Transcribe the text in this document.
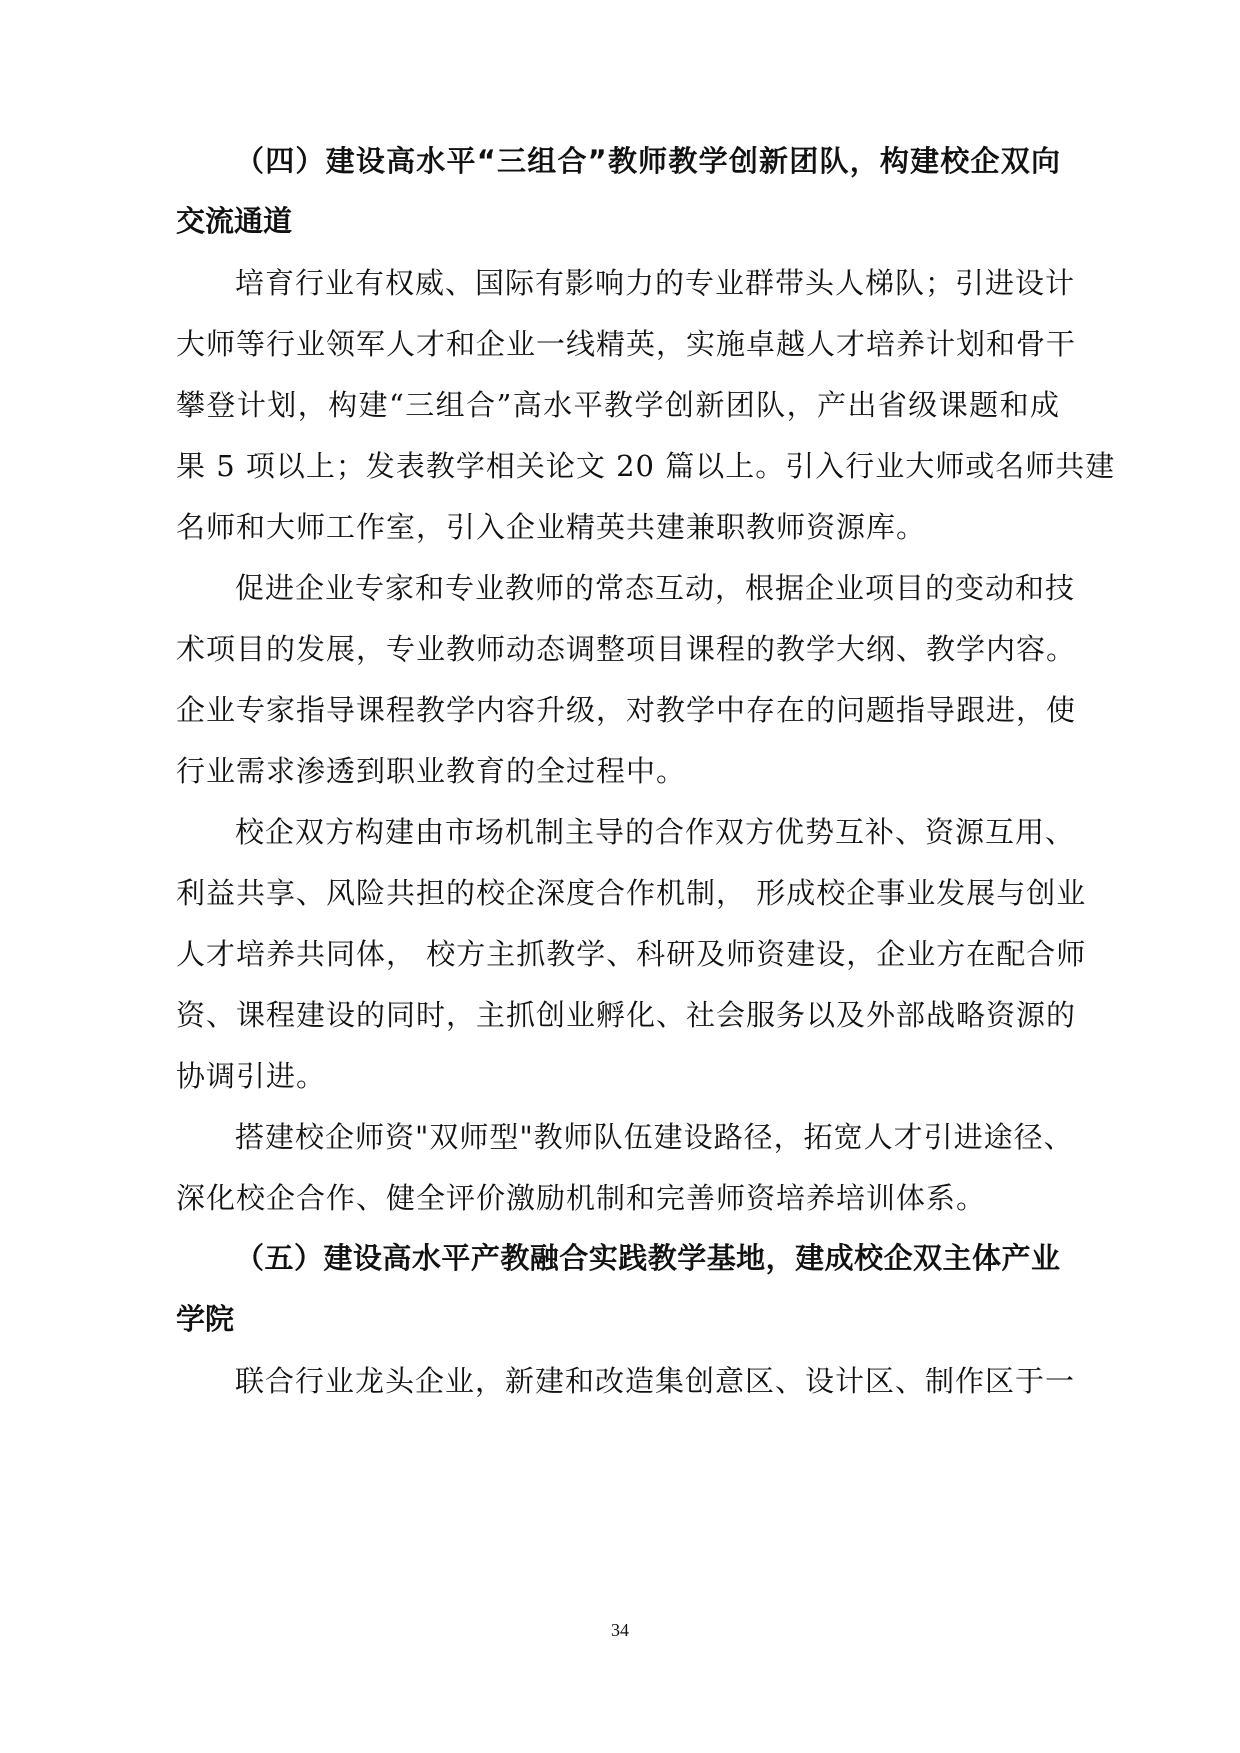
（四）建设高水平“三组合”教师教学创新团队，构建校企双向
交流通道
培育行业有权威、国际有影响力的专业群带头人梯队；引进设计
大师等行业领军人才和企业一线精英，实施卓越人才培养计划和骨干
攀登计划，构建“三组合”高水平教学创新团队，产出省级课题和成
果 5 项以上；发表教学相关论文 20 篇以上。引入行业大师或名师共建
名师和大师工作室，引入企业精英共建兼职教师资源库。
促进企业专家和专业教师的常态互动，根据企业项目的变动和技
术项目的发展，专业教师动态调整项目课程的教学大纲、教学内容。
企业专家指导课程教学内容升级，对教学中存在的问题指导跟进，使
行业需求渗透到职业教育的全过程中。
校企双方构建由市场机制主导的合作双方优势互补、资源互用、
利益共享、风险共担的校企深度合作机制， 形成校企事业发展与创业
人才培养共同体， 校方主抓教学、科研及师资建设，企业方在配合师
资、课程建设的同时，主抓创业孵化、社会服务以及外部战略资源的
协调引进。
搭建校企师资"双师型"教师队伍建设路径，拓宽人才引进途径、
深化校企合作、健全评价激励机制和完善师资培养培训体系。
（五）建设高水平产教融合实践教学基地，建成校企双主体产业
学院
联合行业龙头企业，新建和改造集创意区、设计区、制作区于一
34
